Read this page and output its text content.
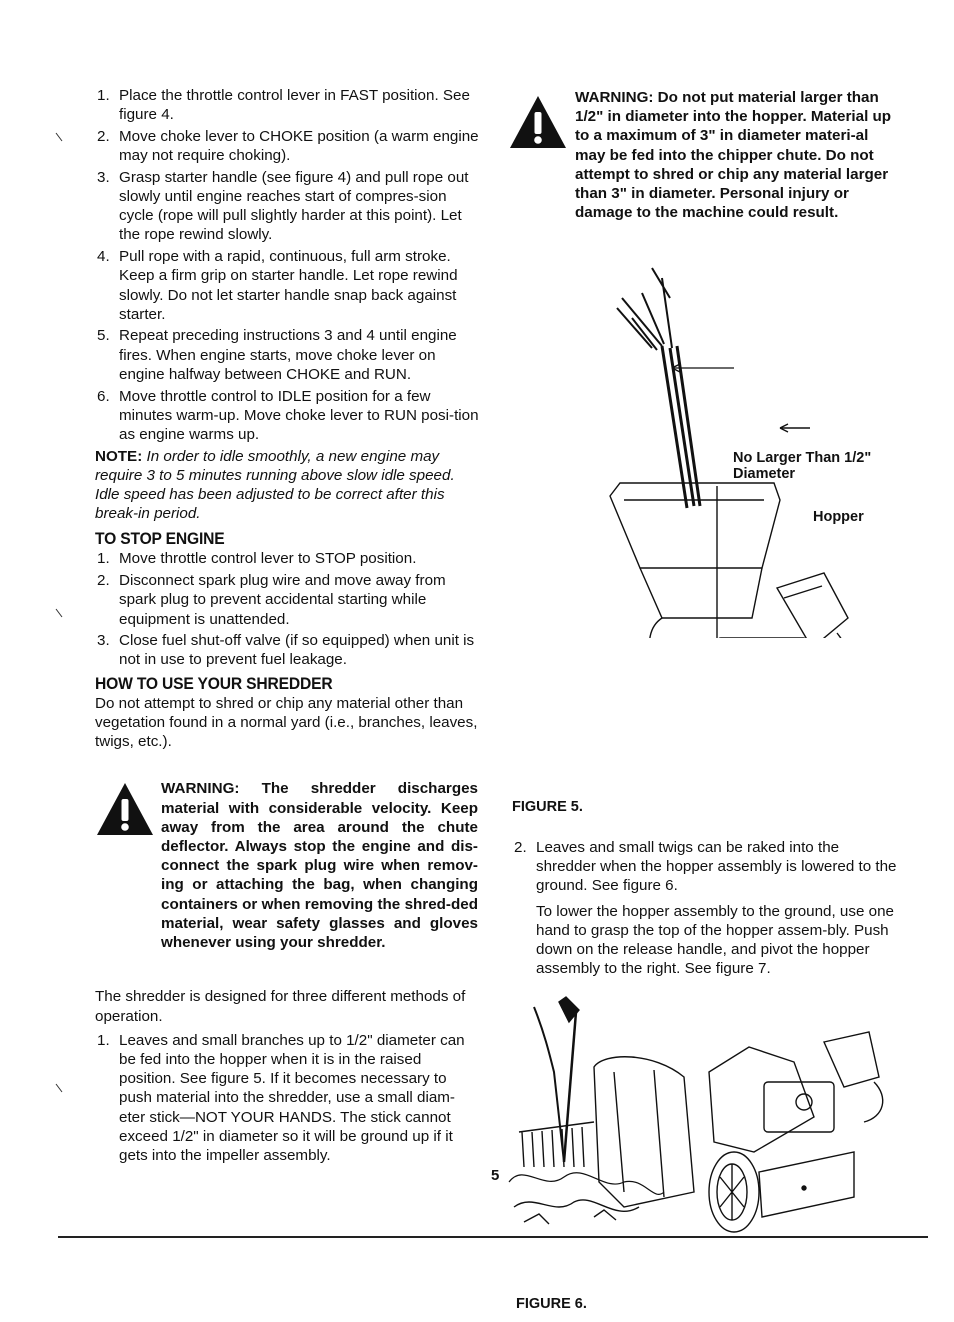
1. Place the throttle control lever in FAST position. See figure 4.
2. Move choke lever to CHOKE position (a warm engine may not require choking).
3. Grasp starter handle (see figure 4) and pull rope out slowly until engine reaches start of compres-sion cycle (rope will pull slightly harder at this point). Let the rope rewind slowly.
4. Pull rope with a rapid, continuous, full arm stroke. Keep a firm grip on starter handle. Let rope rewind slowly. Do not let starter handle snap back against starter.
5. Repeat preceding instructions 3 and 4 until engine fires. When engine starts, move choke lever on engine halfway between CHOKE and RUN.
6. Move throttle control to IDLE position for a few minutes warm-up. Move choke lever to RUN posi-tion as engine warms up.

NOTE: In order to idle smoothly, a new engine may require 3 to 5 minutes running above slow idle speed. Idle speed has been adjusted to be correct after this break-in period.

TO STOP ENGINE
1. Move throttle control lever to STOP position.
2. Disconnect spark plug wire and move away from spark plug to prevent accidental starting while equipment is unattended.
3. Close fuel shut-off valve (if so equipped) when unit is not in use to prevent fuel leakage.
HOW TO USE YOUR SHREDDER

Do not attempt to shred or chip any material other than vegetation found in a normal yard (i.e., branches, leaves, twigs, etc.).

WARNING: The shredder discharges material with considerable velocity. Keep away from the area around the chute deflector. Always stop the engine and dis-connect the spark plug wire when remov-ing or attaching the bag, when changing containers or when removing the shred-ded material, wear safety glasses and gloves whenever using your shredder.

The shredder is designed for three different methods of operation.

1. Leaves and small branches up to 1/2" diameter can be fed into the hopper when it is in the raised position. See figure 5. If it becomes necessary to push material into the shredder, use a small diam-eter stick—NOT YOUR HANDS. The stick cannot exceed 1/2" in diameter so it will be ground up if it gets into the impeller assembly.

WARNING: Do not put material larger than 1/2" in diameter into the hopper. Material up to a maximum of 3" in diameter materi-al may be fed into the chipper chute. Do not attempt to shred or chip any material larger than 3" in diameter. Personal injury or damage to the machine could result.

No Larger Than 1/2" Diameter
Hopper
FIGURE 5.
2. Leaves and small twigs can be raked into the shredder when the hopper assembly is lowered to the ground. See figure 6.

To lower the hopper assembly to the ground, use one hand to grasp the top of the hopper assem-bly. Push down on the release handle, and pivot the hopper assembly to the right. See figure 7.

FIGURE 6.
5
